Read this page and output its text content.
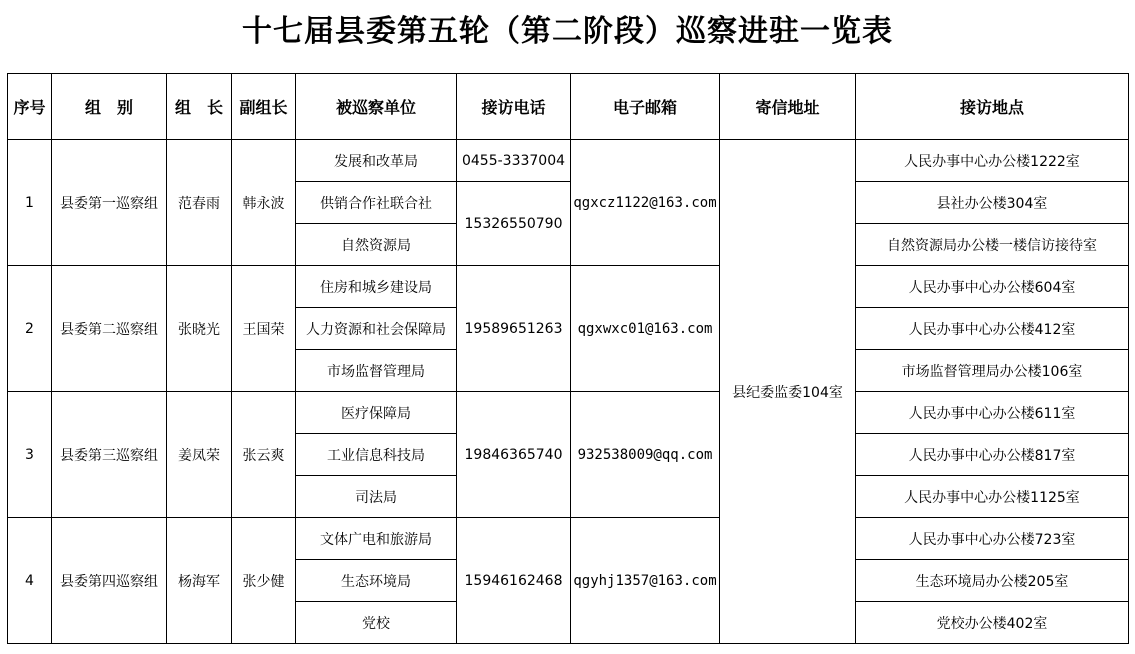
十七届县委第五轮（第二阶段）巡察进驻一览表
序号	组　别	组　长	副组长	被巡察单位	接访电话	电子邮箱	寄信地址	接访地点
1	县委第一巡察组	范春雨	韩永波	发展和改革局	0455-3337004	qgxcz1122@163.com	县纪委监委104室	人民办事中心办公楼1222室
				供销合作社联合社	15326550790			县社办公楼304室
				自然资源局				自然资源局办公楼一楼信访接待室
2	县委第二巡察组	张晓光	王国荣	住房和城乡建设局	19589651263	qgxwxc01@163.com		人民办事中心办公楼604室
				人力资源和社会保障局				人民办事中心办公楼412室
				市场监督管理局				市场监督管理局办公楼106室
3	县委第三巡察组	姜凤荣	张云爽	医疗保障局	19846365740	932538009@qq.com		人民办事中心办公楼611室
				工业信息科技局				人民办事中心办公楼817室
				司法局				人民办事中心办公楼1125室
4	县委第四巡察组	杨海军	张少健	文体广电和旅游局	15946162468	qgyhj1357@163.com		人民办事中心办公楼723室
				生态环境局				生态环境局办公楼205室
				党校				党校办公楼402室
